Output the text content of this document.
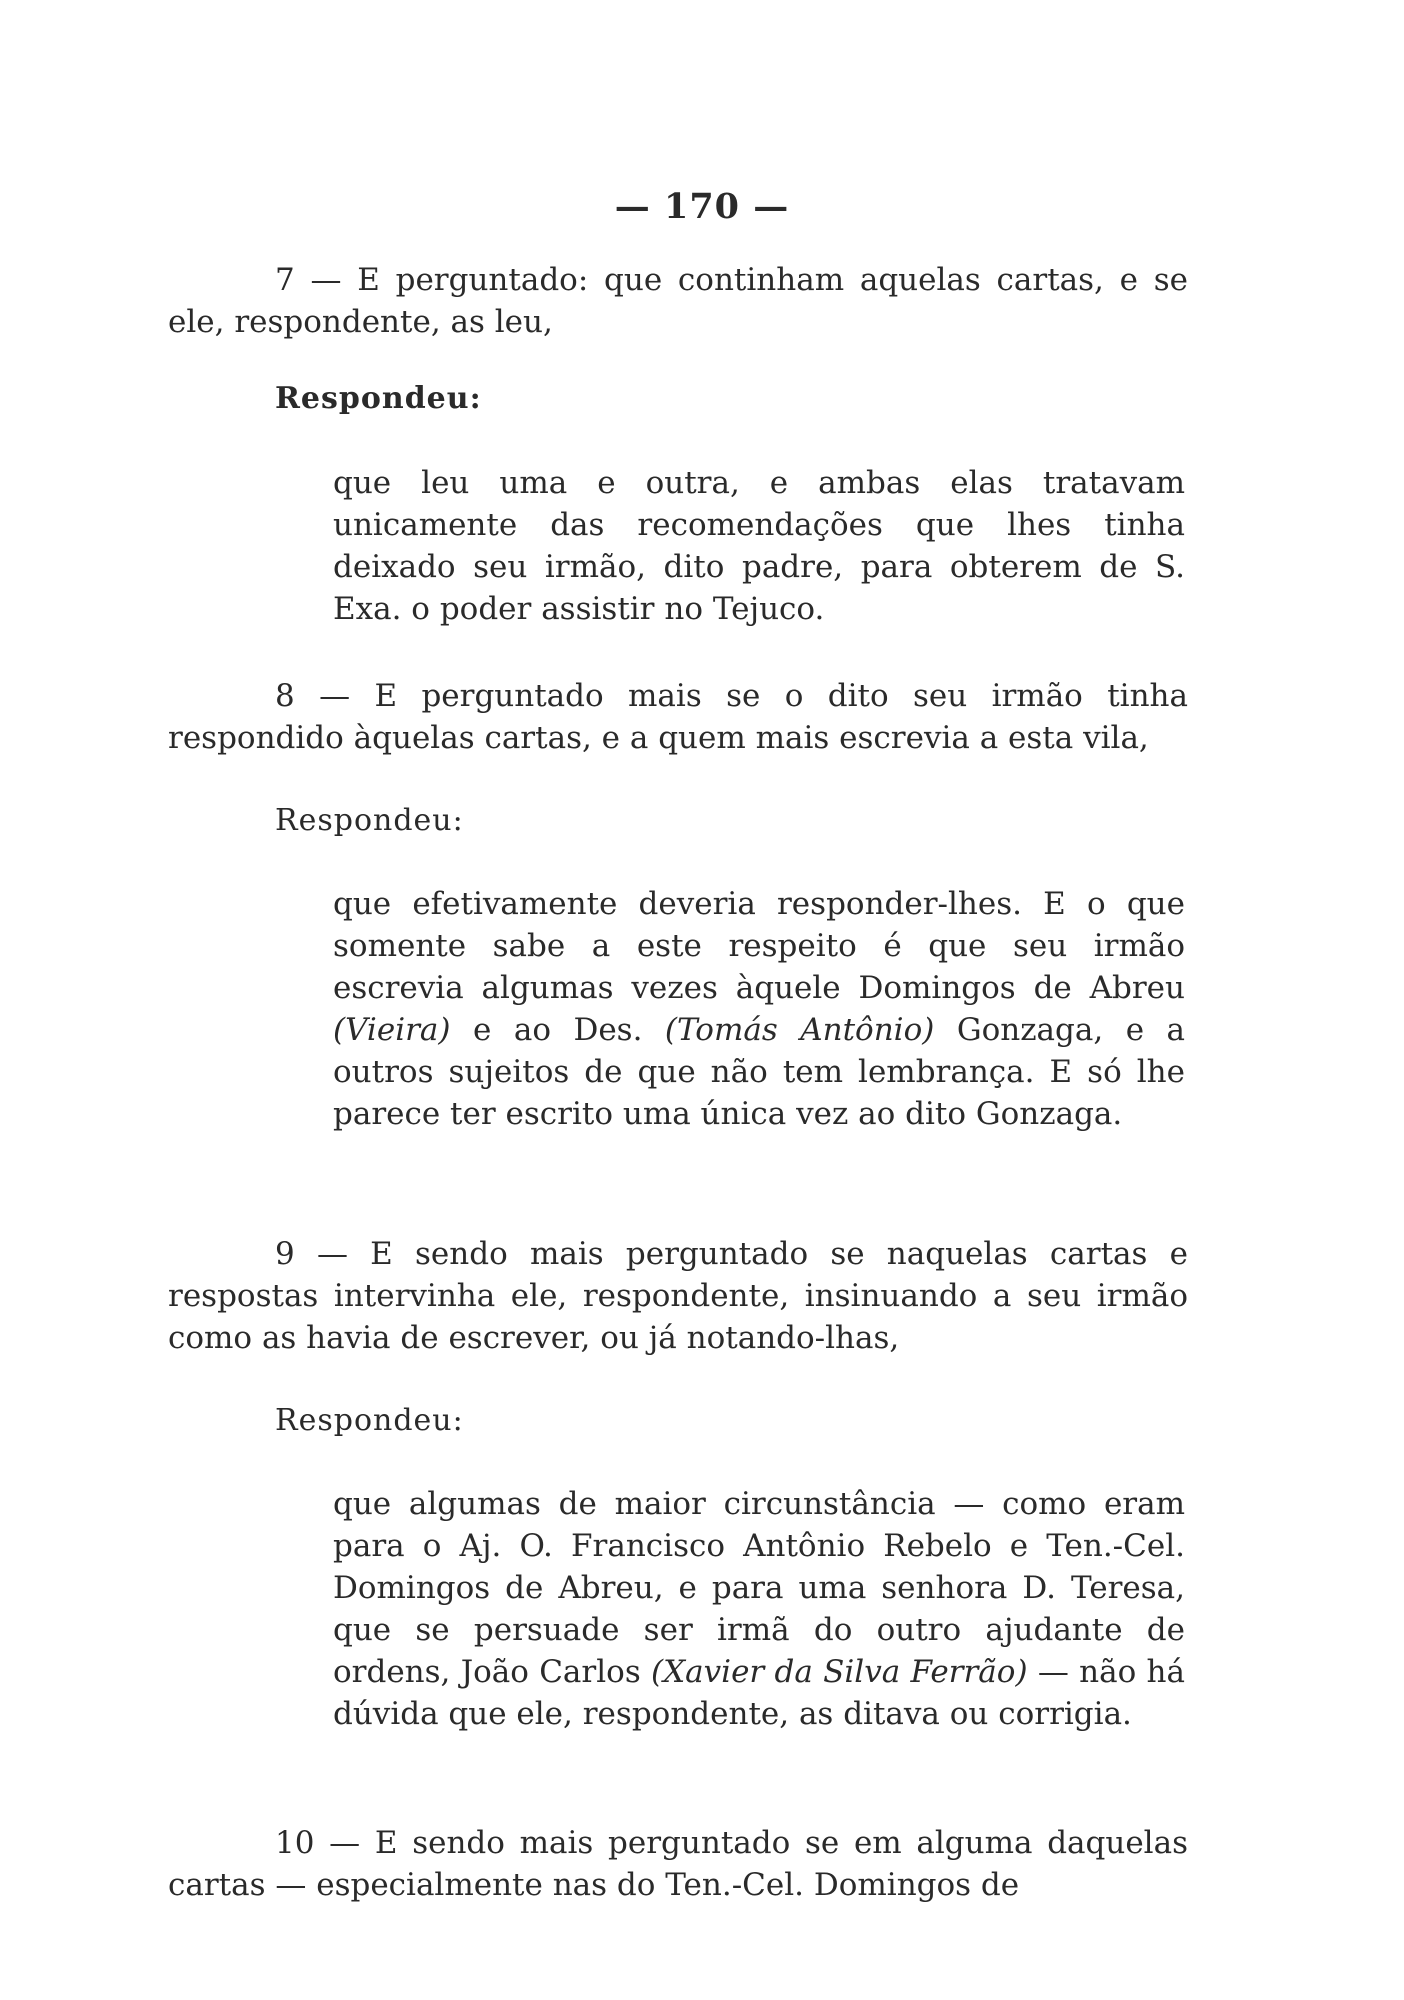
— 170 —
7 — E perguntado: que continham aquelas cartas, e se ele, respondente, as leu,
Respondeu:
que leu uma e outra, e ambas elas tratavam unicamente das recomendações que lhes tinha deixado seu irmão, dito padre, para obterem de S. Exa. o poder assistir no Tejuco.
8 — E perguntado mais se o dito seu irmão tinha respondido àquelas cartas, e a quem mais escrevia a esta vila,
Respondeu:
que efetivamente deveria responder-lhes. E o que somente sabe a este respeito é que seu irmão escrevia algumas vezes àquele Domingos de Abreu (Vieira) e ao Des. (Tomás Antônio) Gonzaga, e a outros sujeitos de que não tem lembrança. E só lhe parece ter escrito uma única vez ao dito Gonzaga.
9 — E sendo mais perguntado se naquelas cartas e respostas intervinha ele, respondente, insinuando a seu irmão como as havia de escrever, ou já notando-lhas,
Respondeu:
que algumas de maior circunstância — como eram para o Aj. O. Francisco Antônio Rebelo e Ten.-Cel. Domingos de Abreu, e para uma senhora D. Teresa, que se persuade ser irmã do outro ajudante de ordens, João Carlos (Xavier da Silva Ferrão) — não há dúvida que ele, respondente, as ditava ou corrigia.
10 — E sendo mais perguntado se em alguma daquelas cartas — especialmente nas do Ten.-Cel. Domingos de
